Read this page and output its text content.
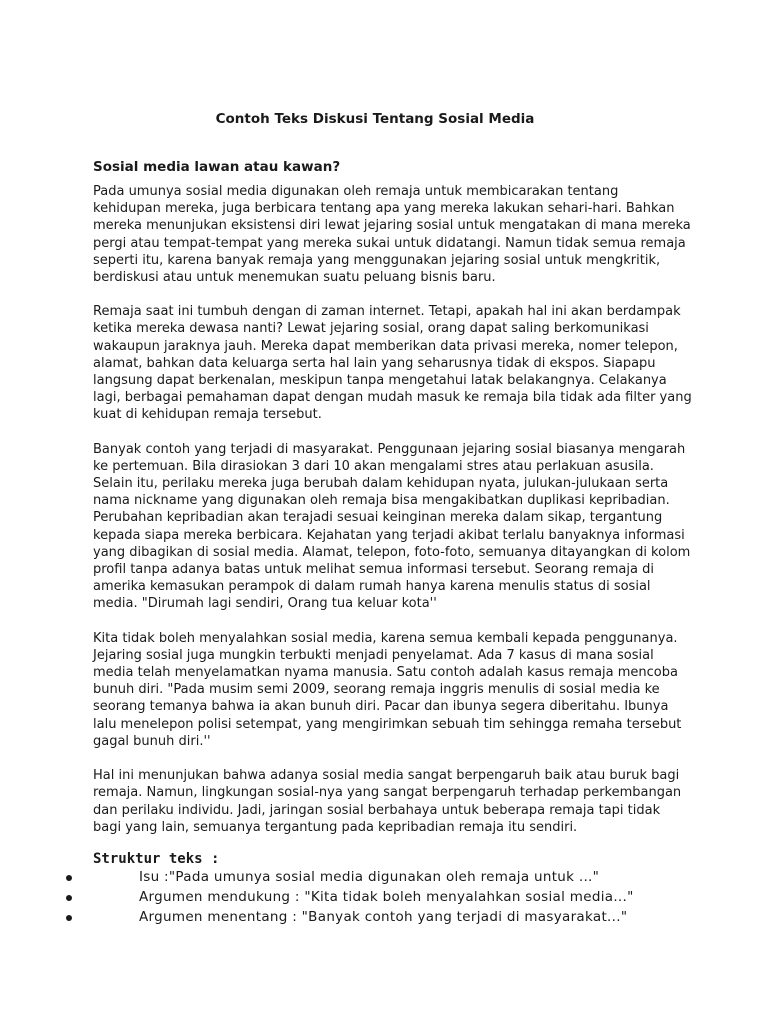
Contoh Teks Diskusi Tentang Sosial Media
Sosial media lawan atau kawan?

Pada umunya sosial media digunakan oleh remaja untuk membicarakan tentang
kehidupan mereka, juga berbicara tentang apa yang mereka lakukan sehari-hari. Bahkan
mereka menunjukan eksistensi diri lewat jejaring sosial untuk mengatakan di mana mereka
pergi atau tempat-tempat yang mereka sukai untuk didatangi. Namun tidak semua remaja
seperti itu, karena banyak remaja yang menggunakan jejaring sosial untuk mengkritik,
berdiskusi atau untuk menemukan suatu peluang bisnis baru.

Remaja saat ini tumbuh dengan di zaman internet. Tetapi, apakah hal ini akan berdampak
ketika mereka dewasa nanti? Lewat jejaring sosial, orang dapat saling berkomunikasi
wakaupun jaraknya jauh. Mereka dapat memberikan data privasi mereka, nomer telepon,
alamat, bahkan data keluarga serta hal lain yang seharusnya tidak di ekspos. Siapapu
langsung dapat berkenalan, meskipun tanpa mengetahui latak belakangnya. Celakanya
lagi, berbagai pemahaman dapat dengan mudah masuk ke remaja bila tidak ada filter yang
kuat di kehidupan remaja tersebut.

Banyak contoh yang terjadi di masyarakat. Penggunaan jejaring sosial biasanya mengarah
ke pertemuan. Bila dirasiokan 3 dari 10 akan mengalami stres atau perlakuan asusila.
Selain itu, perilaku mereka juga berubah dalam kehidupan nyata, julukan-julukaan serta
nama nickname yang digunakan oleh remaja bisa mengakibatkan duplikasi kepribadian.
Perubahan kepribadian akan terajadi sesuai keinginan mereka dalam sikap, tergantung
kepada siapa mereka berbicara. Kejahatan yang terjadi akibat terlalu banyaknya informasi
yang dibagikan di sosial media. Alamat, telepon, foto-foto, semuanya ditayangkan di kolom
profil tanpa adanya batas untuk melihat semua informasi tersebut. Seorang remaja di
amerika kemasukan perampok di dalam rumah hanya karena menulis status di sosial
media. "Dirumah lagi sendiri, Orang tua keluar kota''

Kita tidak boleh menyalahkan sosial media, karena semua kembali kepada penggunanya.
Jejaring sosial juga mungkin terbukti menjadi penyelamat. Ada 7 kasus di mana sosial
media telah menyelamatkan nyama manusia. Satu contoh adalah kasus remaja mencoba
bunuh diri. "Pada musim semi 2009, seorang remaja inggris menulis di sosial media ke
seorang temanya bahwa ia akan bunuh diri. Pacar dan ibunya segera diberitahu. Ibunya
lalu menelepon polisi setempat, yang mengirimkan sebuah tim sehingga remaha tersebut
gagal bunuh diri.''

Hal ini menunjukan bahwa adanya sosial media sangat berpengaruh baik atau buruk bagi
remaja. Namun, lingkungan sosial-nya yang sangat berpengaruh terhadap perkembangan
dan perilaku individu. Jadi, jaringan sosial berbahaya untuk beberapa remaja tapi tidak
bagi yang lain, semuanya tergantung pada kepribadian remaja itu sendiri.

Struktur teks :
Isu :"Pada umunya sosial media digunakan oleh remaja untuk ..."
Argumen mendukung : "Kita tidak boleh menyalahkan sosial media..."
Argumen menentang : "Banyak contoh yang terjadi di masyarakat..."
